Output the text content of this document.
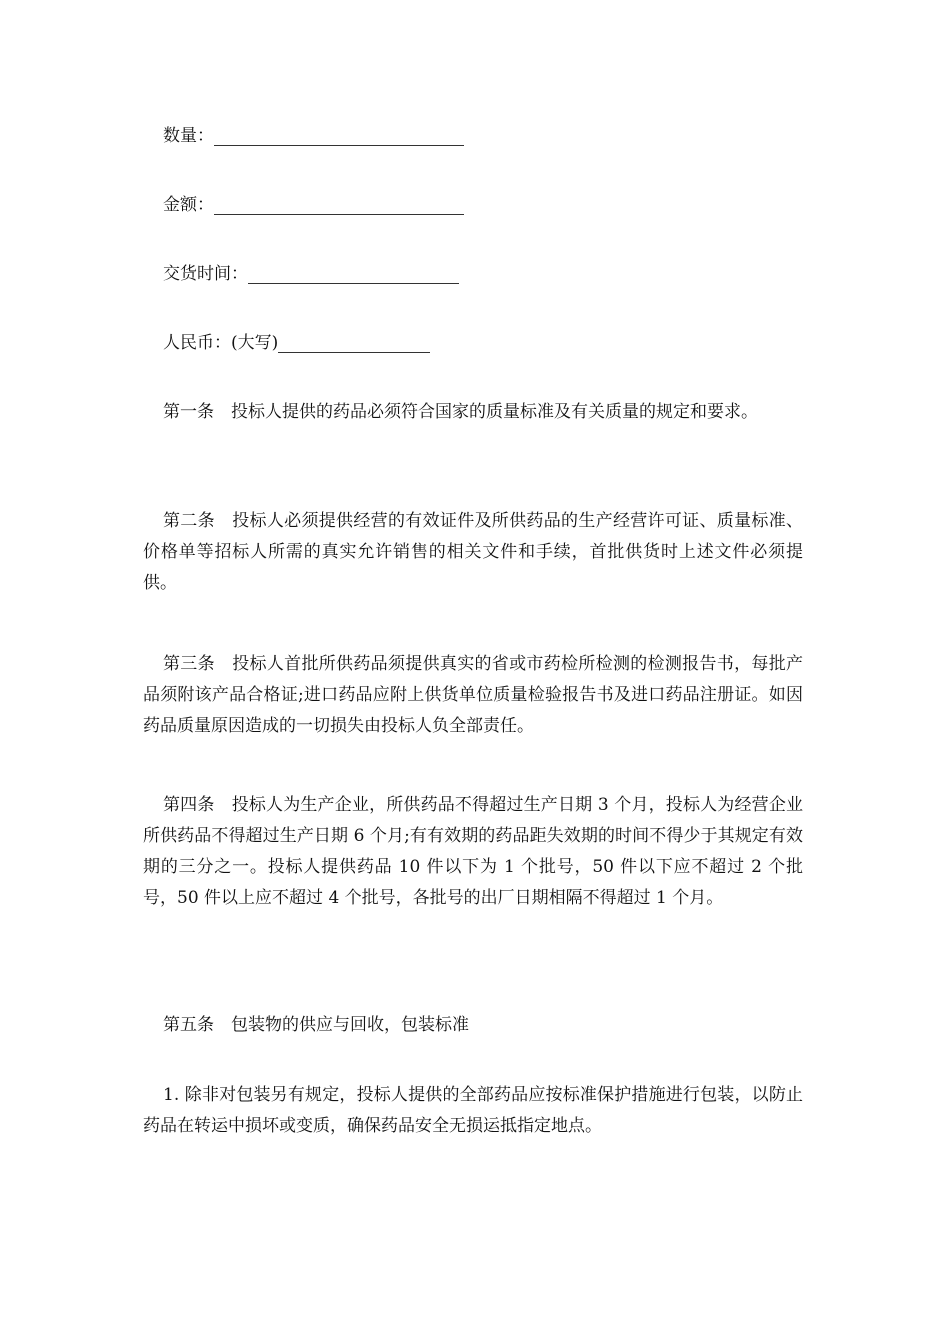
数量：
金额：
交货时间：
人民币：(大写)

第一条　投标人提供的药品必须符合国家的质量标准及有关质量的规定和要求。

第二条　投标人必须提供经营的有效证件及所供药品的生产经营许可证、质量标准、价格单等招标人所需的真实允许销售的相关文件和手续，首批供货时上述文件必须提供。

第三条　投标人首批所供药品须提供真实的省或市药检所检测的检测报告书，每批产品须附该产品合格证;进口药品应附上供货单位质量检验报告书及进口药品注册证。如因药品质量原因造成的一切损失由投标人负全部责任。

第四条　投标人为生产企业，所供药品不得超过生产日期 3 个月，投标人为经营企业所供药品不得超过生产日期 6 个月;有有效期的药品距失效期的时间不得少于其规定有效期的三分之一。投标人提供药品 10 件以下为 1 个批号，50 件以下应不超过 2 个批号，50 件以上应不超过 4 个批号，各批号的出厂日期相隔不得超过 1 个月。

第五条　包装物的供应与回收，包装标准

1. 除非对包装另有规定，投标人提供的全部药品应按标准保护措施进行包装，以防止药品在转运中损坏或变质，确保药品安全无损运抵指定地点。
